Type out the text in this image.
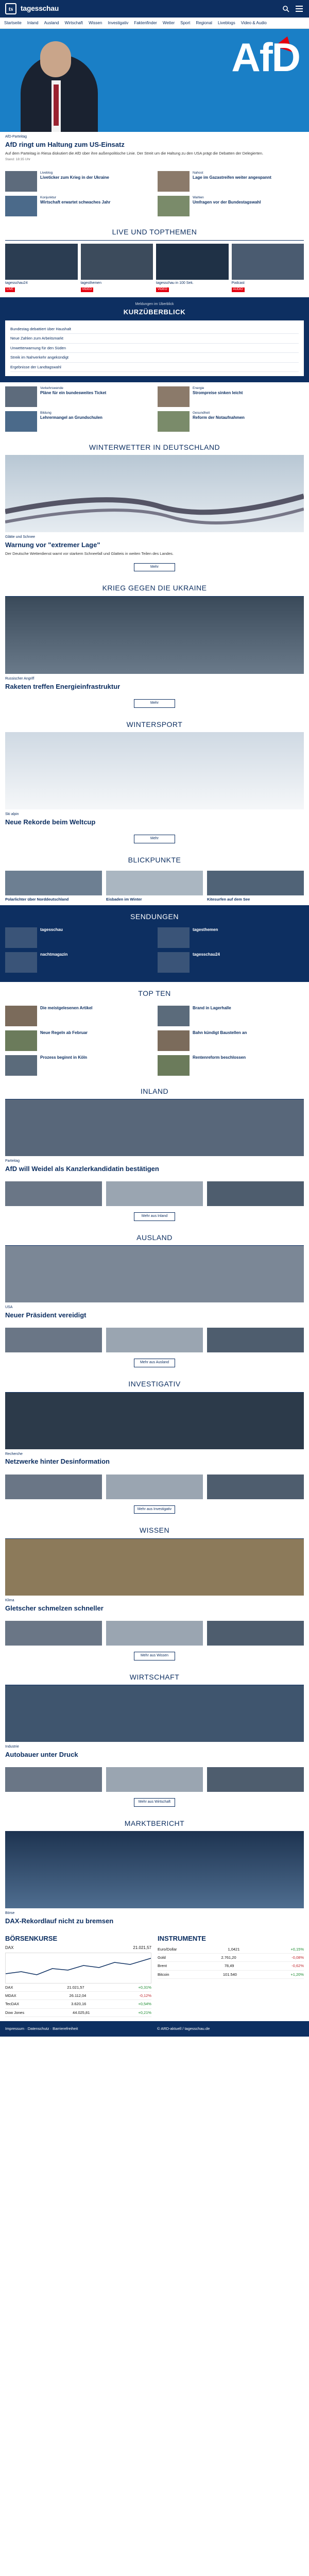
ts	tagesschau
Startseite Inland Ausland Wirtschaft Wissen Investigativ Faktenfinder Wetter Sport Regional Liveblogs Video & Audio
AfD
AfD-Parteitag
AfD ringt um Haltung zum US-Einsatz
Auf dem Parteitag in Riesa diskutiert die AfD über ihre außenpolitische Linie. Der Streit um die Haltung zu den USA prägt die Debatten der Delegierten.
Stand: 18:35 Uhr
Liveblog
Liveticker zum Krieg in der Ukraine
Nahost
Lage im Gazastreifen weiter angespannt
Konjunktur
Wirtschaft erwartet schwaches Jahr
Wahlen
Umfragen vor der Bundestagswahl
LIVE UND TOPTHEMEN
tagesschau24
LIVE
tagesthemen
VIDEO
tagesschau in 100 Sek.
VIDEO
Podcast
AUDIO
Meldungen im Überblick
KURZÜBERBLICK
Bundestag debattiert über Haushalt
Neue Zahlen zum Arbeitsmarkt
Unwetterwarnung für den Süden
Streik im Nahverkehr angekündigt
Ergebnisse der Landtagswahl
Verkehrswende
Pläne für ein bundesweites Ticket
Energie
Strompreise sinken leicht
Bildung
Lehrermangel an Grundschulen
Gesundheit
Reform der Notaufnahmen
WINTERWETTER IN DEUTSCHLAND
Glätte und Schnee
Warnung vor "extremer Lage"
Der Deutsche Wetterdienst warnt vor starkem Schneefall und Glatteis in weiten Teilen des Landes.
Mehr
KRIEG GEGEN DIE UKRAINE
Russischer Angriff
Raketen treffen Energieinfrastruktur
Mehr
WINTERSPORT
Ski alpin
Neue Rekorde beim Weltcup
Mehr
BLICKPUNKTE
Polarlichter über Norddeutschland	Eisbaden im Winter	Kitesurfen auf dem See
SENDUNGEN
tagesschau	tagesthemen
nachtmagazin	tagesschau24
TOP TEN
Die meistgelesenen Artikel	Brand in Lagerhalle
Neue Regeln ab Februar	Bahn kündigt Baustellen an
Prozess beginnt in Köln	Rentenreform beschlossen
INLAND
Parteitag
AfD will Weidel als Kanzlerkandidatin bestätigen
Mehr aus Inland
AUSLAND
USA
Neuer Präsident vereidigt
Mehr aus Ausland
INVESTIGATIV
Recherche
Netzwerke hinter Desinformation
Mehr aus Investigativ
WISSEN
Klima
Gletscher schmelzen schneller
Mehr aus Wissen
WIRTSCHAFT
Industrie
Autobauer unter Druck
Mehr aus Wirtschaft
MARKTBERICHT
Börse
DAX-Rekordlauf nicht zu bremsen
BÖRSENKURSE
DAX	21.021,57
DAX	21.021,57	+0,31%
MDAX	26.112,04	-0,12%
TecDAX	3.620,16	+0,54%
Dow Jones	44.025,81	+0,21%
INSTRUMENTE
Euro/Dollar	1,0421	+0,15%
Gold	2.761,20	-0,08%
Brent	78,49	-0,62%
Bitcoin	101.540	+1,20%
Impressum · Datenschutz · Barrierefreiheit	© ARD-aktuell / tagesschau.de
